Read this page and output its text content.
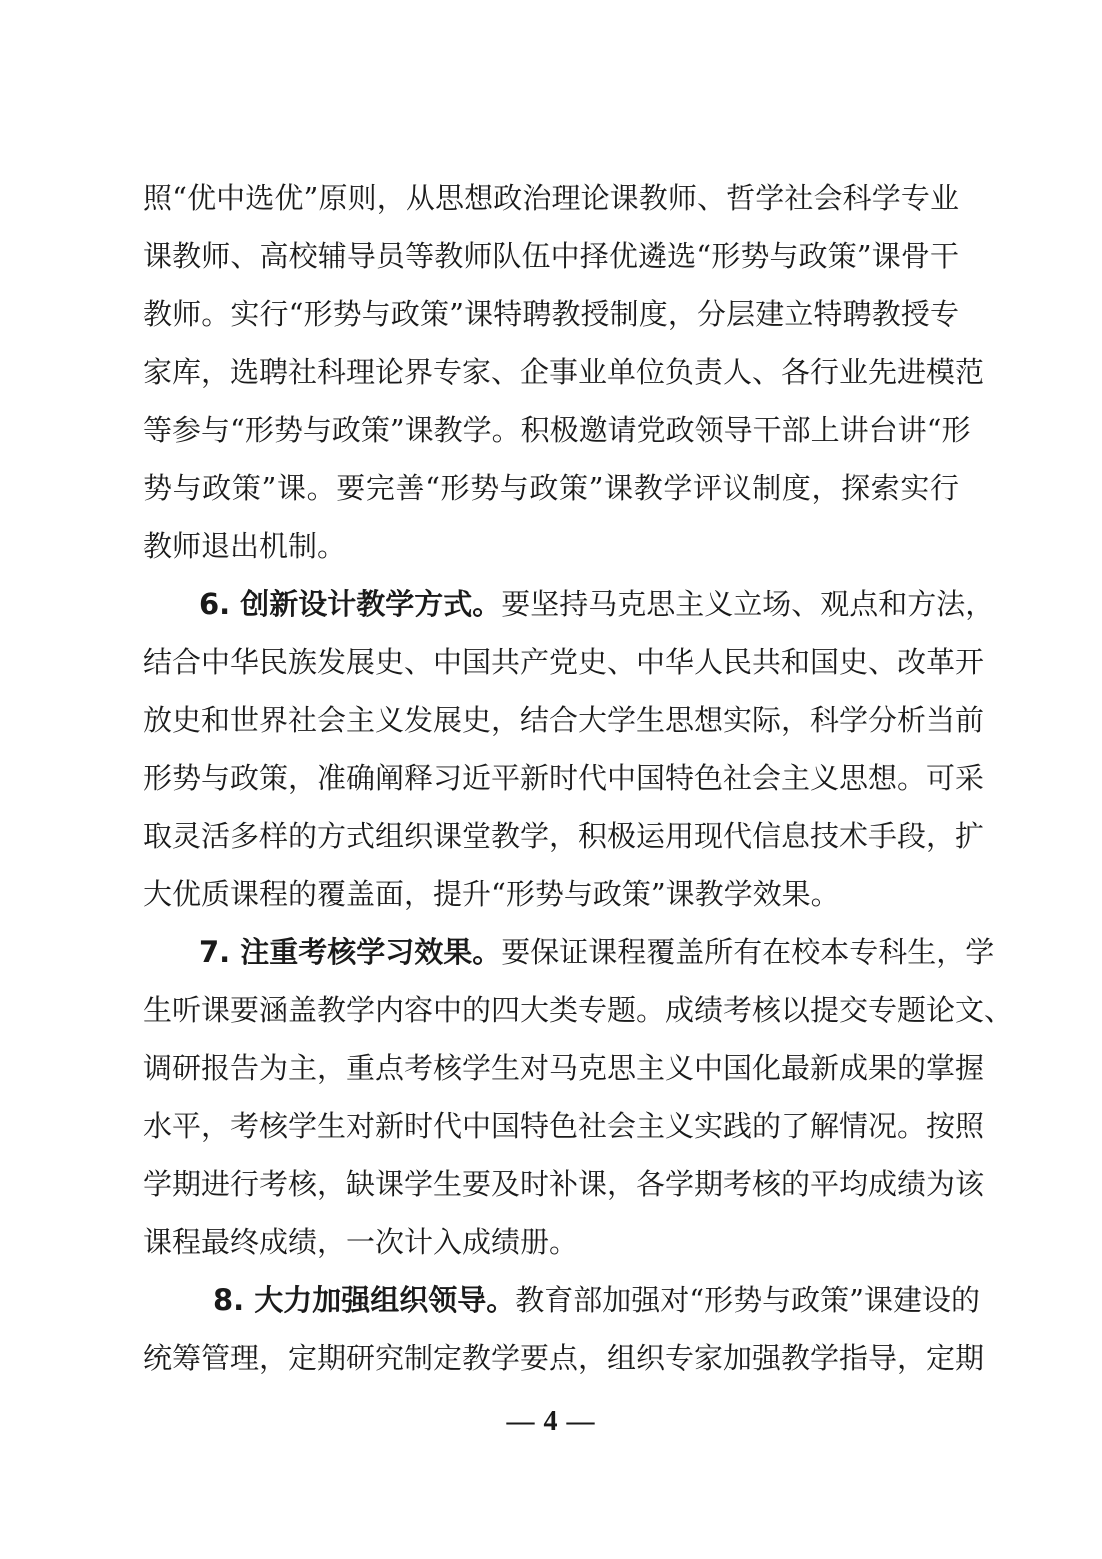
照“优中选优”原则，从思想政治理论课教师、哲学社会科学专业
课教师、高校辅导员等教师队伍中择优遴选“形势与政策”课骨干
教师。实行“形势与政策”课特聘教授制度，分层建立特聘教授专
家库，选聘社科理论界专家、企事业单位负责人、各行业先进模范
等参与“形势与政策”课教学。积极邀请党政领导干部上讲台讲“形
势与政策”课。要完善“形势与政策”课教学评议制度，探索实行
教师退出机制。
6. 创新设计教学方式。要坚持马克思主义立场、观点和方法，
结合中华民族发展史、中国共产党史、中华人民共和国史、改革开
放史和世界社会主义发展史，结合大学生思想实际，科学分析当前
形势与政策，准确阐释习近平新时代中国特色社会主义思想。可采
取灵活多样的方式组织课堂教学，积极运用现代信息技术手段，扩
大优质课程的覆盖面，提升“形势与政策”课教学效果。
7. 注重考核学习效果。要保证课程覆盖所有在校本专科生，学
生听课要涵盖教学内容中的四大类专题。成绩考核以提交专题论文、
调研报告为主，重点考核学生对马克思主义中国化最新成果的掌握
水平，考核学生对新时代中国特色社会主义实践的了解情况。按照
学期进行考核，缺课学生要及时补课，各学期考核的平均成绩为该
课程最终成绩，一次计入成绩册。
8. 大力加强组织领导。教育部加强对“形势与政策”课建设的
统筹管理，定期研究制定教学要点，组织专家加强教学指导，定期
— 4 —
